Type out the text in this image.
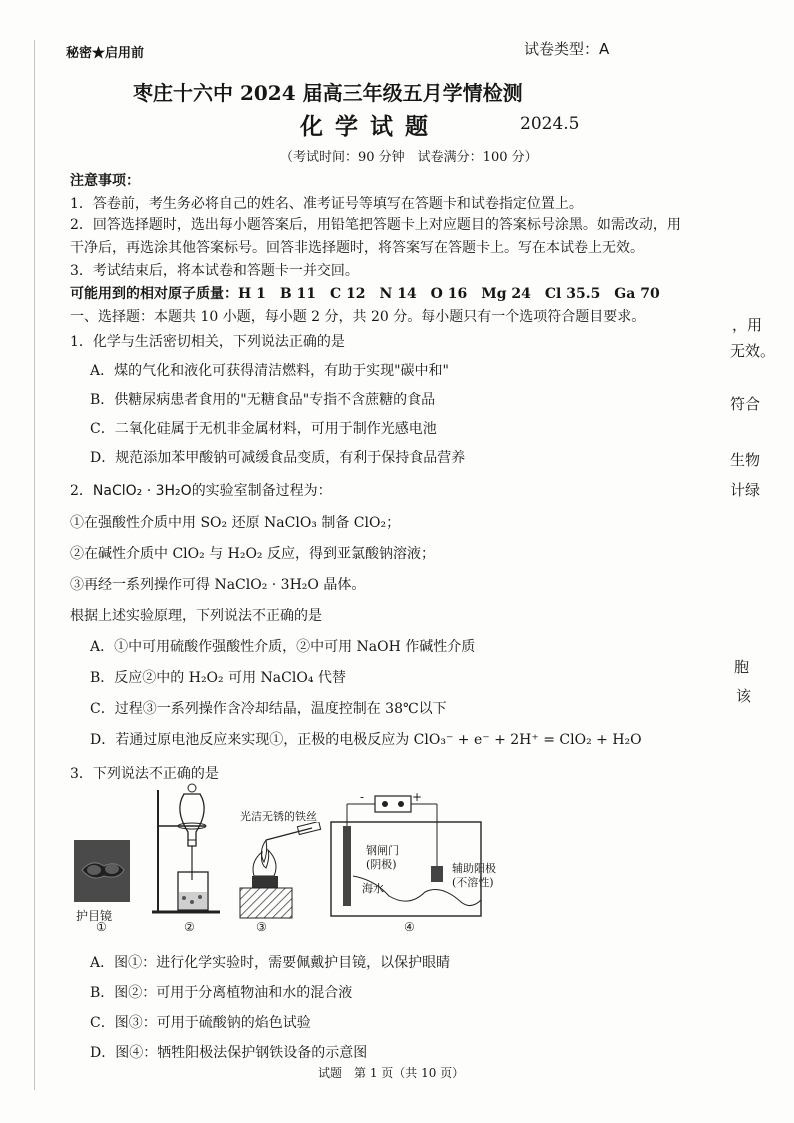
秘密★启用前	试卷类型：A
枣庄十六中 2024 届高三年级五月学情检测
化 学 试 题	2024.5
（考试时间：90 分钟　试卷满分：100 分）
注意事项：
1．答卷前，考生务必将自己的姓名、准考证号等填写在答题卡和试卷指定位置上。
2．回答选择题时，选出每小题答案后，用铅笔把答题卡上对应题目的答案标号涂黑。如需改动，用
干净后，再选涂其他答案标号。回答非选择题时，将答案写在答题卡上。写在本试卷上无效。
3．考试结束后，将本试卷和答题卡一并交回。
可能用到的相对原子质量：H 1　B 11　C 12　N 14　O 16　Mg 24　Cl 35.5　Ga 70
一、选择题：本题共 10 小题，每小题 2 分，共 20 分。每小题只有一个选项符合题目要求。	，用
无效。
符合
生物
计绿
胞
该
1．化学与生活密切相关，下列说法正确的是
A．煤的气化和液化可获得清洁燃料，有助于实现"碳中和"
B．供糖尿病患者食用的"无糖食品"专指不含蔗糖的食品
C．二氧化硅属于无机非金属材料，可用于制作光感电池
D．规范添加苯甲酸钠可减缓食品变质，有利于保持食品营养
2．NaClO₂ · 3H₂O的实验室制备过程为：
①在强酸性介质中用 SO₂ 还原 NaClO₃ 制备 ClO₂；
②在碱性介质中 ClO₂ 与 H₂O₂ 反应，得到亚氯酸钠溶液；
③再经一系列操作可得 NaClO₂ · 3H₂O 晶体。
根据上述实验原理，下列说法不正确的是
A．①中可用硫酸作强酸性介质，②中可用 NaOH 作碱性介质
B．反应②中的 H₂O₂ 可用 NaClO₄ 代替
C．过程③一系列操作含冷却结晶，温度控制在 38℃以下
D．若通过原电池反应来实现①，正极的电极反应为 ClO₃⁻ + e⁻ + 2H⁺ = ClO₂ + H₂O
3．下列说法不正确的是
护目镜
①	②
光洁无锈的铁丝
③
-	+
钢闸门
(阴极)
海水
辅助阳极
(不溶性)
④
A．图①：进行化学实验时，需要佩戴护目镜，以保护眼睛
B．图②：可用于分离植物油和水的混合液
C．图③：可用于硫酸钠的焰色试验
D．图④：牺牲阳极法保护钢铁设备的示意图
试题　第 1 页（共 10 页）
